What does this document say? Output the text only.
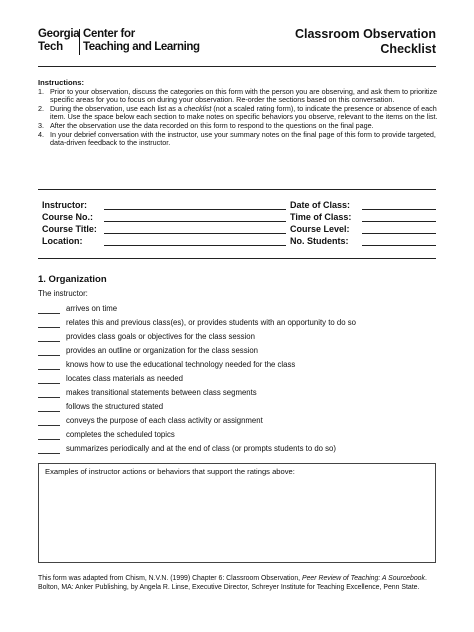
Georgia
Tech
Center for
Teaching and Learning
Classroom Observation
Checklist
Instructions:
1. Prior to your observation, discuss the categories on this form with the person you are observing, and ask them to prioritize specific areas for you to focus on during your observation. Re-order the sections based on this conversation.
2. During the observation, use each list as a checklist (not a scaled rating form), to indicate the presence or absence of each item. Use the space below each section to make notes on specific behaviors you observe, relevant to the items on the list.
3. After the observation use the data recorded on this form to respond to the questions on the final page.
4. In your debrief conversation with the instructor, use your summary notes on the final page of this form to provide targeted, data-driven feedback to the instructor.
Instructor:
Course No.:
Course Title:
Location:
Date of Class:
Time of Class:
Course Level:
No. Students:
1. Organization
The instructor:
arrives on time
relates this and previous class(es), or provides students with an opportunity to do so
provides class goals or objectives for the class session
provides an outline or organization for the class session
knows how to use the educational technology needed for the class
locates class materials as needed
makes transitional statements between class segments
follows the structured stated
conveys the purpose of each class activity or assignment
completes the scheduled topics
summarizes periodically and at the end of class (or prompts students to do so)
Examples of instructor actions or behaviors that support the ratings above:
This form was adapted from Chism, N.V.N. (1999) Chapter 6: Classroom Observation, Peer Review of Teaching: A Sourcebook. Bolton, MA: Anker Publishing, by Angela R. Linse, Executive Director, Schreyer Institute for Teaching Excellence, Penn State.
